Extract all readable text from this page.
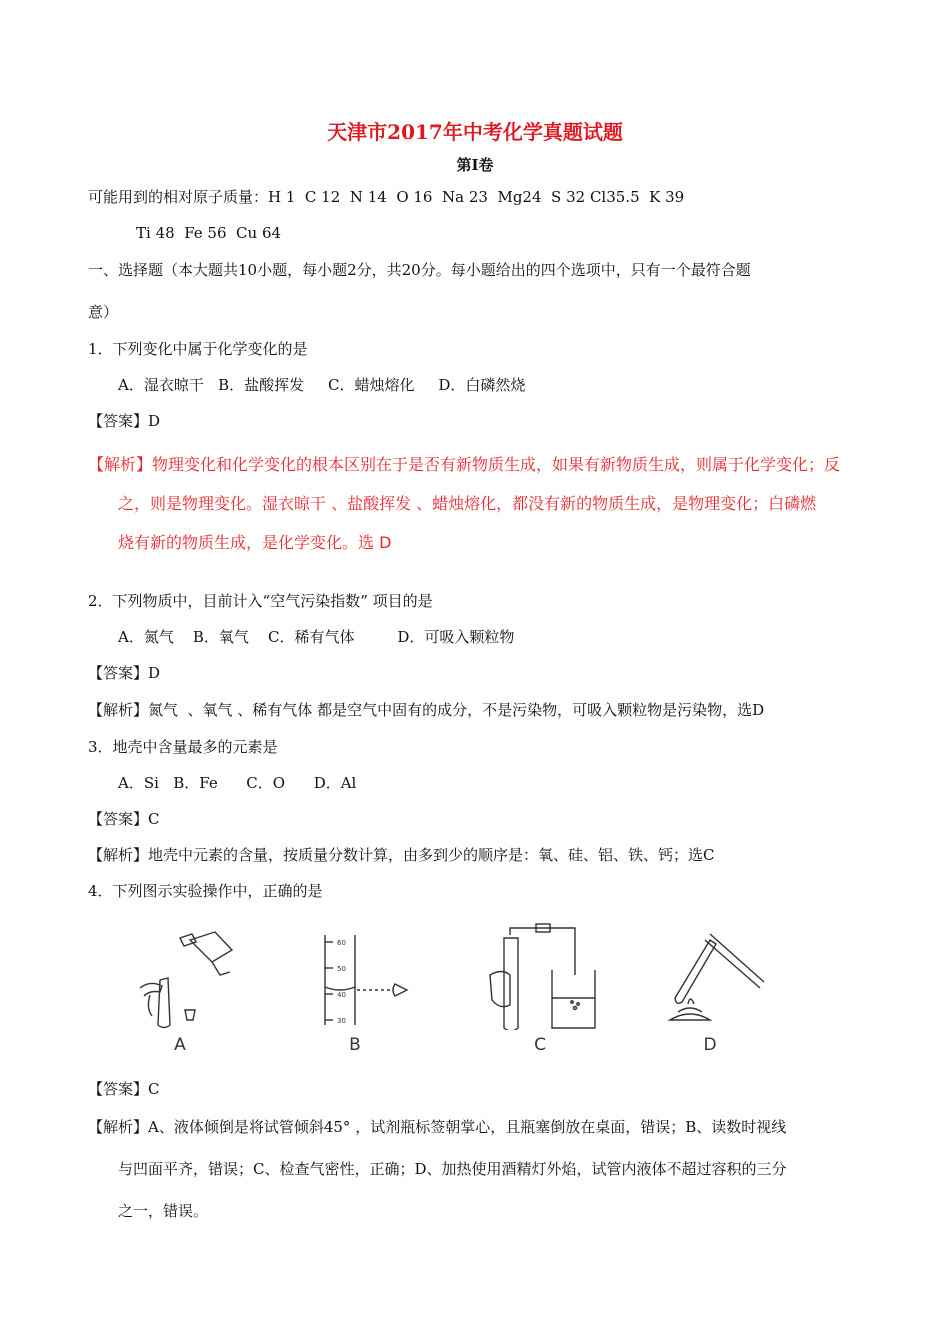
天津市2017年中考化学真题试题
第I卷
可能用到的相对原子质量：H 1  C 12  N 14  O 16  Na 23  Mg24  S 32 Cl35.5  K 39
Ti 48  Fe 56  Cu 64
一、选择题（本大题共10小题，每小题2分，共20分。每小题给出的四个选项中，只有一个最符合题
意）
1．下列变化中属于化学变化的是
A．湿衣晾干   B．盐酸挥发     C．蜡烛熔化     D．白磷然烧
【答案】D
【解析】物理变化和化学变化的根本区别在于是否有新物质生成，如果有新物质生成，则属于化学变化；反
之，则是物理变化。湿衣晾干 、盐酸挥发 、蜡烛熔化，都没有新的物质生成，是物理变化；白磷燃
烧有新的物质生成，是化学变化。选 D
2．下列物质中，目前计入“空气污染指数” 项目的是
A．氮气    B．氧气    C．稀有气体         D．可吸入颗粒物
【答案】D
【解析】氮气  、氧气 、稀有气体 都是空气中固有的成分，不是污染物，可吸入颗粒物是污染物，选D
3．地壳中含量最多的元素是
A．Si   B．Fe      C．O      D．Al
【答案】C
【解析】地壳中元素的含量，按质量分数计算，由多到少的顺序是：氧、硅、铝、铁、钙；选C
4．下列图示实验操作中，正确的是
A
60
50
40
30
B	C	D
【答案】C
【解析】A、液体倾倒是将试管倾斜45° ，试剂瓶标签朝掌心，且瓶塞倒放在桌面，错误；B、读数时视线
与凹面平齐，错误；C、检查气密性，正确；D、加热使用酒精灯外焰，试管内液体不超过容积的三分
之一，错误。
